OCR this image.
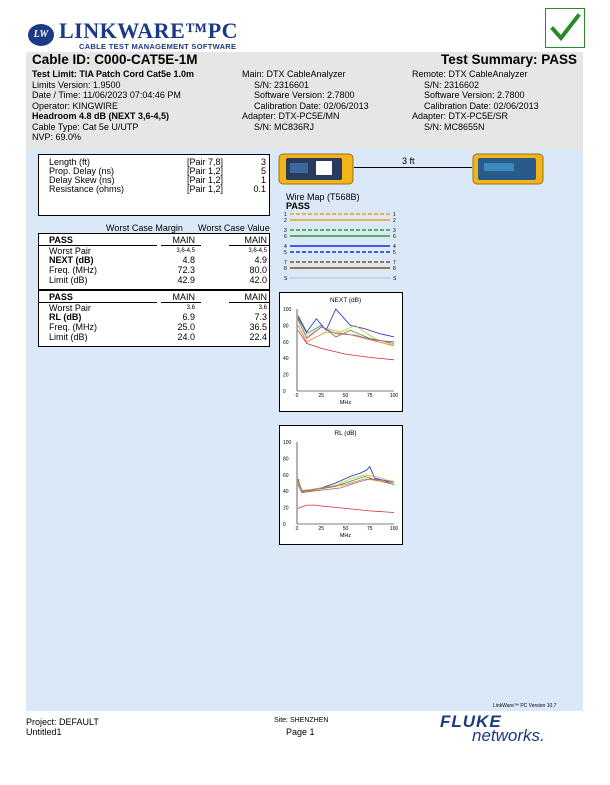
LW LINKWARE™PC
CABLE TEST MANAGEMENT SOFTWARE
Cable ID: C000-CAT5E-1M	Test Summary: PASS
Test Limit: TIA Patch Cord Cat5e 1.0m
Limits Version: 1.9500
Date / Time: 11/06/2023 07:04:46 PM
Operator: KINGWIRE
Headroom 4.8 dB (NEXT 3,6-4,5)
Cable Type: Cat 5e U/UTP
NVP: 69.0%
Main: DTX CableAnalyzer
S/N: 2316601
Software Version: 2.7800
Calibration Date: 02/06/2013
Adapter: DTX-PC5E/MN
S/N: MC836RJ
Remote: DTX CableAnalyzer
S/N: 2316602
Software Version: 2.7800
Calibration Date: 02/06/2013
Adapter: DTX-PC5E/SR
S/N: MC8655N
Length (ft)	[Pair 7,8]	3
Prop. Delay (ns)	[Pair 1,2]	5
Delay Skew (ns)	[Pair 1,2]	1
Resistance (ohms)	[Pair 1,2]	0.1
Worst Case Margin Worst Case Value
PASS	MAIN	MAIN
Worst Pair	3,6-4,5	3,6-4,5
NEXT (dB)	4.8	4.9
Freq. (MHz)	72.3	80.0
Limit (dB)	42.9	42.0
PASS	MAIN	MAIN
Worst Pair	3,6	3,6
RL (dB)	6.9	7.3
Freq. (MHz)	25.0	36.5
Limit (dB)	24.0	22.4
3 ft
Wire Map (T568B)
PASS
1	1
2	2
3	3
6	6
4	4
5	5
7	7
8	8
S	S
NEXT (dB)
0
20
40
60
80
100
0	25	50	75	100
MHz
RL (dB)
0
20
40
60
80
100
0	25	50	75	100
MHz
LinkWare™ PC Version 10.7
Project: DEFAULT
Untitled1
Site: SHENZHEN
Page 1
FLUKE
networks.
